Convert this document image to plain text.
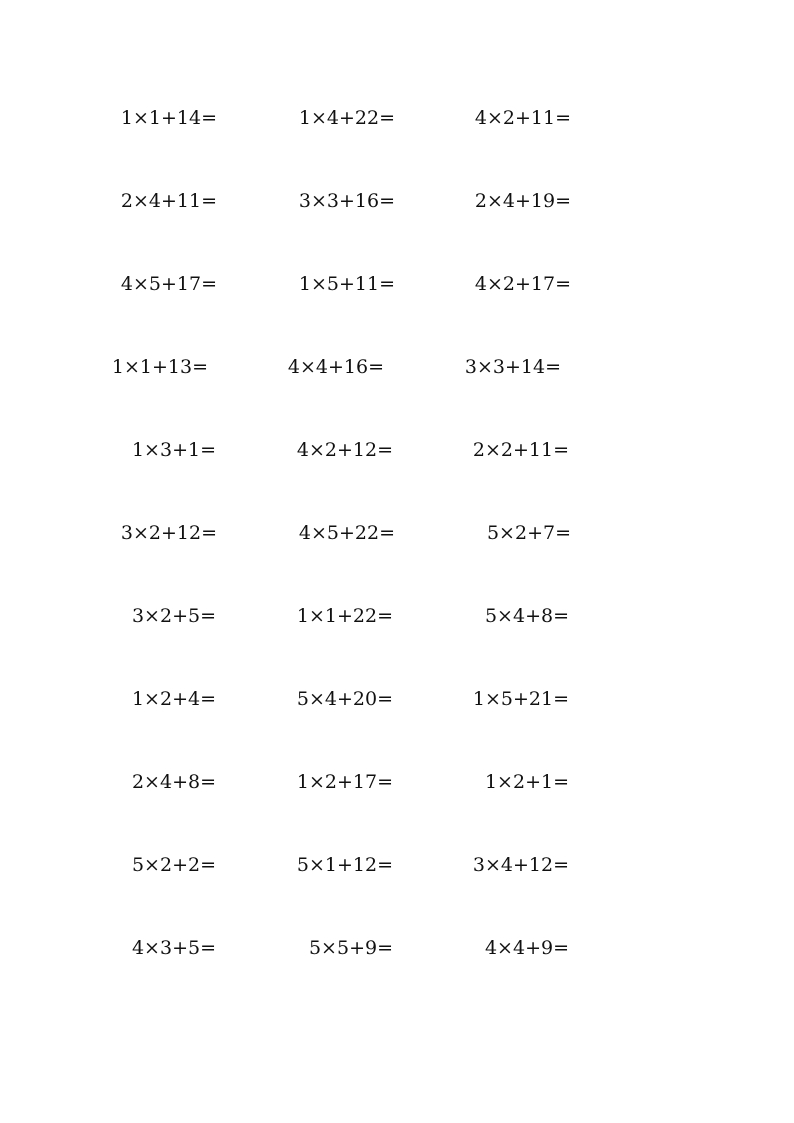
1×1+14=	1×4+22=	4×2+11=
2×4+11=	3×3+16=	2×4+19=
4×5+17=	1×5+11=	4×2+17=
1×1+13=	4×4+16=	3×3+14=
1×3+1=	4×2+12=	2×2+11=
3×2+12=	4×5+22=	5×2+7=
3×2+5=	1×1+22=	5×4+8=
1×2+4=	5×4+20=	1×5+21=
2×4+8=	1×2+17=	1×2+1=
5×2+2=	5×1+12=	3×4+12=
4×3+5=	5×5+9=	4×4+9=
